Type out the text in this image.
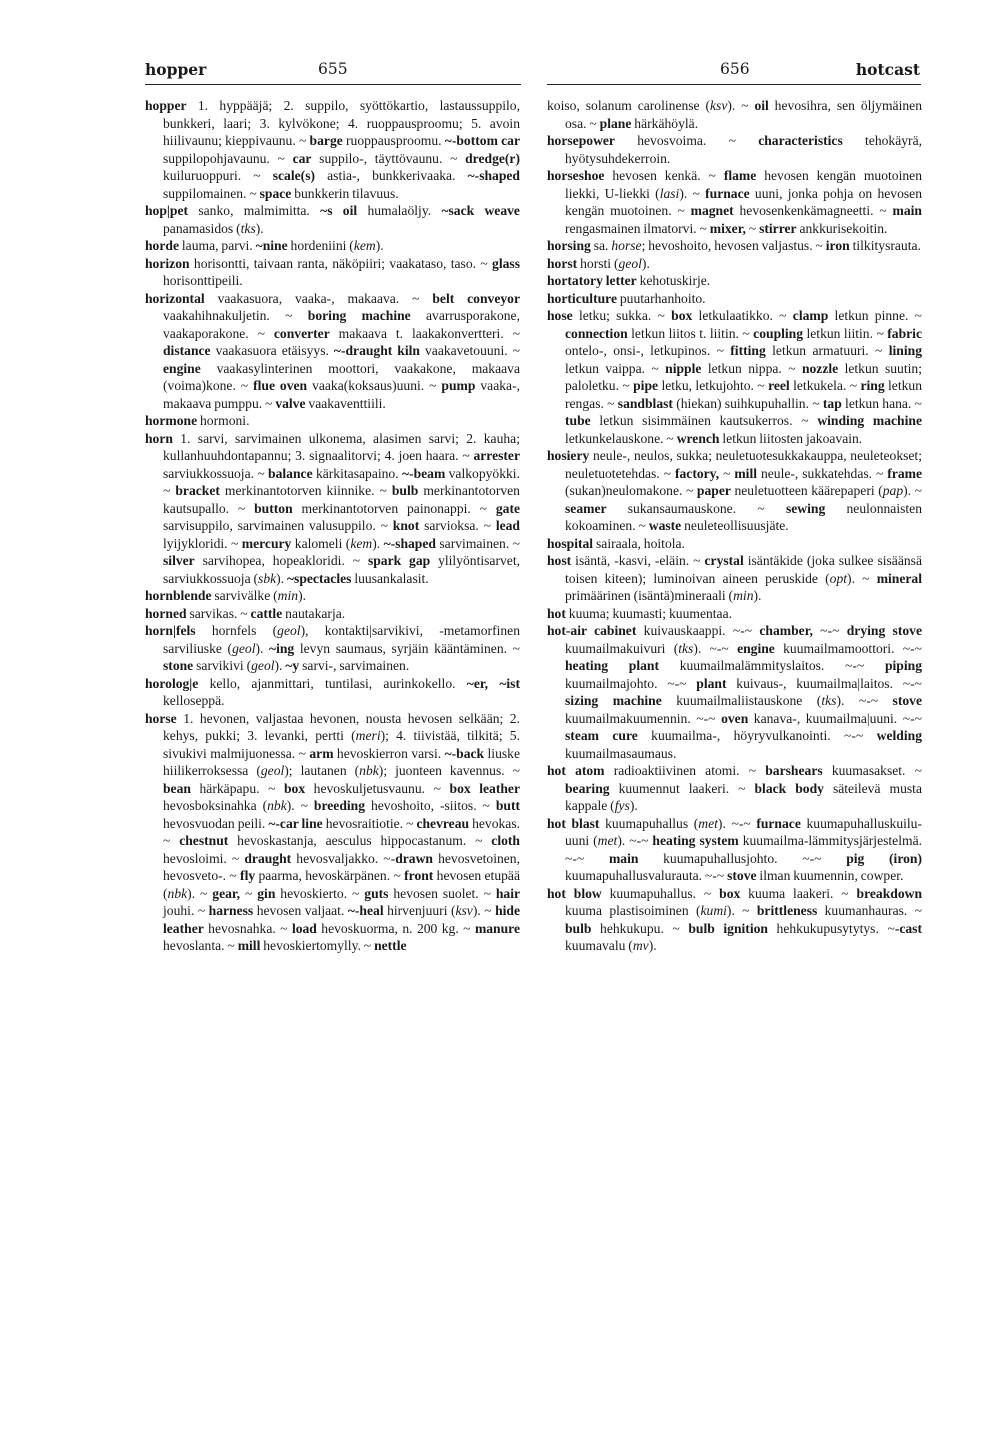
hopper	655	656	hotcast

hopper 1. hyppääjä; 2. suppilo, syöttökartio, lastaussuppilo, bunkkeri, laari; 3. kylvökone; 4. ruoppausproomu; 5. avoin hiilivaunu; kieppivaunu. ~ barge ruoppausproomu. ~-bottom car suppilopohjavaunu. ~ car suppilo-, täyttövaunu. ~ dredge(r) kuiluruoppuri. ~ scale(s) astia-, bunkkerivaaka. ~-shaped suppilomainen. ~ space bunkkerin tilavuus.

hop|pet sanko, malmimitta. ~s oil humalaöljy. ~sack weave panamasidos (tks).

horde lauma, parvi. ~nine hordeniini (kem).

horizon horisontti, taivaan ranta, näköpiiri; vaakataso, taso. ~ glass horisonttipeili.

horizontal vaakasuora, vaaka-, makaava. ~ belt conveyor vaakahihnakuljetin. ~ boring machine avarrusporakone, vaakaporakone. ~ converter makaava t. laakakonvertteri. ~ distance vaakasuora etäisyys. ~-draught kiln vaakavetouuni. ~ engine vaakasylinterinen moottori, vaakakone, makaava (voima)kone. ~ flue oven vaaka(koksaus)uuni. ~ pump vaaka-, makaava pumppu. ~ valve vaakaventtiili.

hormone hormoni.

horn 1. sarvi, sarvimainen ulkonema, alasimen sarvi; 2. kauha; kullanhuuhdontapannu; 3. signaalitorvi; 4. joen haara. ~ arrester sarviukkossuoja. ~ balance kärkitasapaino. ~-beam valkopyökki. ~ bracket merkinantotorven kiinnike. ~ bulb merkinantotorven kautsupallo. ~ button merkinantotorven painonappi. ~ gate sarvisuppilo, sarvimainen valusuppilo. ~ knot sarvioksa. ~ lead lyijykloridi. ~ mercury kalomeli (kem). ~-shaped sarvimainen. ~ silver sarvihopea, hopeakloridi. ~ spark gap ylilyöntisarvet, sarviukkossuoja (sbk). ~spectacles luusankalasit.

hornblende sarvivälke (min).

horned sarvikas. ~ cattle nautakarja.

horn|fels hornfels (geol), kontakti|sarvikivi, -metamorfinen sarviliuske (geol). ~ing levyn saumaus, syrjäin kääntäminen. ~ stone sarvikivi (geol). ~y sarvi-, sarvimainen.

horolog|e kello, ajanmittari, tuntilasi, aurinkokello. ~er, ~ist kelloseppä.

horse 1. hevonen, valjastaa hevonen, nousta hevosen selkään; 2. kehys, pukki; 3. levanki, pertti (meri); 4. tiivistää, tilkitä; 5. sivukivi malmijuonessa. ~ arm hevoskierron varsi. ~-back liuske hiilikerroksessa (geol); lautanen (nbk); juonteen kavennus. ~ bean härkäpapu. ~ box hevoskuljetusvaunu. ~ box leather hevosboksinahka (nbk). ~ breeding hevoshoito, -siitos. ~ butt hevosvuodan peili. ~-car line hevosraitiotie. ~ chevreau hevokas. ~ chestnut hevoskastanja, aesculus hippocastanum. ~ cloth hevosloimi. ~ draught hevosvaljakko. ~-drawn hevosvetoinen, hevosveto-. ~ fly paarma, hevoskärpänen. ~ front hevosen etupää (nbk). ~ gear, ~ gin hevoskierto. ~ guts hevosen suolet. ~ hair jouhi. ~ harness hevosen valjaat. ~-heal hirvenjuuri (ksv). ~ hide leather hevosnahka. ~ load hevoskuorma, n. 200 kg. ~ manure hevoslanta. ~ mill hevoskiertomylly. ~ nettle

koiso, solanum carolinense (ksv). ~ oil hevosihra, sen öljymäinen osa. ~ plane härkähöylä.

horsepower hevosvoima. ~ characteristics tehokäyrä, hyötysuhdekerroin.

horseshoe hevosen kenkä. ~ flame hevosen kengän muotoinen liekki, U-liekki (lasi). ~ furnace uuni, jonka pohja on hevosen kengän muotoinen. ~ magnet hevosenkenkämagneetti. ~ main rengasmainen ilmatorvi. ~ mixer, ~ stirrer ankkurisekoitin.

horsing sa. horse; hevoshoito, hevosen valjastus. ~ iron tilkitysrauta.

horst horsti (geol).

hortatory letter kehotuskirje.

horticulture puutarhanhoito.

hose letku; sukka. ~ box letkulaatikko. ~ clamp letkun pinne. ~ connection letkun liitos t. liitin. ~ coupling letkun liitin. ~ fabric ontelo-, onsi-, letkupinos. ~ fitting letkun armatuuri. ~ lining letkun vaippa. ~ nipple letkun nippa. ~ nozzle letkun suutin; paloletku. ~ pipe letku, letkujohto. ~ reel letkukela. ~ ring letkun rengas. ~ sandblast (hiekan) suihkupuhallin. ~ tap letkun hana. ~ tube letkun sisimmäinen kautsukerros. ~ winding machine letkunkelauskone. ~ wrench letkun liitosten jakoavain.

hosiery neule-, neulos, sukka; neuletuotesukkakauppa, neuleteokset; neuletuotetehdas. ~ factory, ~ mill neule-, sukkatehdas. ~ frame (sukan)neulomakone. ~ paper neuletuotteen käärepaperi (pap). ~ seamer sukansaumauskone. ~ sewing neulonnaisten kokoaminen. ~ waste neuleteollisuusjäte.

hospital sairaala, hoitola.

host isäntä, -kasvi, -eläin. ~ crystal isäntäkide (joka sulkee sisäänsä toisen kiteen); luminoivan aineen peruskide (opt). ~ mineral primäärinen (isäntä)mineraali (min).

hot kuuma; kuumasti; kuumentaa.

hot-air cabinet kuivauskaappi. ~-~ chamber, ~-~ drying stove kuumailmakuivuri (tks). ~-~ engine kuumailmamoottori. ~-~ heating plant kuumailmalämmityslaitos. ~-~ piping kuumailmajohto. ~-~ plant kuivaus-, kuumailma|laitos. ~-~ sizing machine kuumailmaliistauskone (tks). ~-~ stove kuumailmakuumennin. ~-~ oven kanava-, kuumailma|uuni. ~-~ steam cure kuumailma-, höyryvulkanointi. ~-~ welding kuumailmasaumaus.

hot atom radioaktiivinen atomi. ~ barshears kuumasakset. ~ bearing kuumennut laakeri. ~ black body säteilevä musta kappale (fys).

hot blast kuumapuhallus (met). ~-~ furnace kuumapuhalluskuilu-uuni (met). ~-~ heating system kuumailma-lämmitysjärjestelmä. ~-~ main kuumapuhallusjohto. ~-~ pig (iron) kuumapuhallusvalurauta. ~-~ stove ilman kuumennin, cowper.

hot blow kuumapuhallus. ~ box kuuma laakeri. ~ breakdown kuuma plastisoiminen (kumi). ~ brittleness kuumanhauras. ~ bulb hehkukupu. ~ bulb ignition hehkukupusytytys. ~-cast kuumavalu (mv).
